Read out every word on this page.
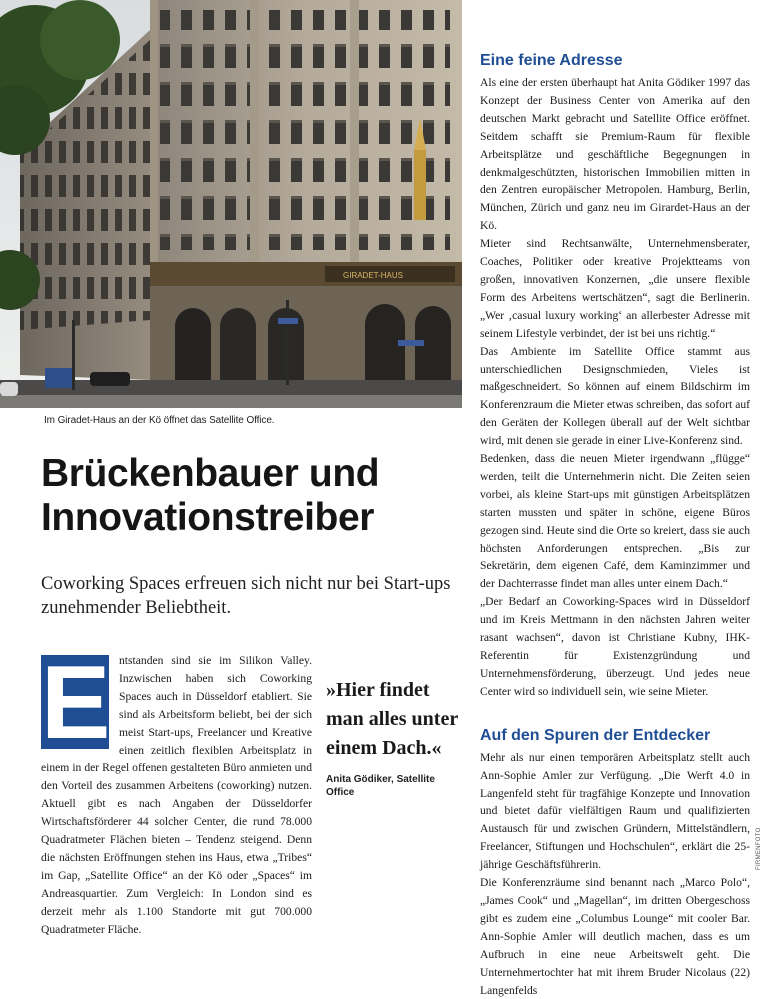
GIRADET-HAUS
Im Giradet-Haus an der Kö öffnet das Satellite Office.
Brückenbauer und
Innovationstreiber

Coworking Spaces erfreuen sich nicht nur bei Start-ups zunehmender Beliebtheit.

E ntstanden sind sie im Silikon Valley. Inzwischen haben sich Coworking Spaces auch in Düsseldorf etabliert. Sie sind als Arbeitsform beliebt, bei der sich meist Start-ups, Freelancer und Kreative einen zeitlich flexiblen Arbeitsplatz in einem in der Regel offenen gestalteten Büro anmieten und den Vorteil des zusammen Arbeitens (coworking) nutzen. Aktuell gibt es nach Angaben der Düsseldorfer Wirtschaftsförderer 44 solcher Center, die rund 78.000 Quadratmeter Flächen bieten – Tendenz steigend. Denn die nächsten Eröffnungen stehen ins Haus, etwa „Tribes“ im Gap, „Satellite Office“ an der Kö oder „Spaces“ im Andreasquartier. Zum Vergleich: In London sind es derzeit mehr als 1.100 Standorte mit gut 700.000 Quadratmeter Fläche.

»Hier findet man alles unter einem Dach.«

Anita Gödiker, Satellite Office

Eine feine Adresse

Als eine der ersten überhaupt hat Anita Gödiker 1997 das Konzept der Business Center von Amerika auf den deutschen Markt gebracht und Satellite Office eröffnet. Seitdem schafft sie Premium-Raum für flexible Arbeitsplätze und geschäftliche Begegnungen in denkmalgeschützten, historischen Immobilien mitten in den Zentren europäischer Metropolen. Hamburg, Berlin, München, Zürich und ganz neu im Girardet-Haus an der Kö.

Mieter sind Rechtsanwälte, Unternehmensberater, Coaches, Politiker oder kreative Projektteams von großen, innovativen Konzernen, „die unsere flexible Form des Arbeitens wertschätzen“, sagt die Berlinerin. „Wer ‚casual luxury working‘ an allerbester Adresse mit seinem Lifestyle verbindet, der ist bei uns richtig.“

Das Ambiente im Satellite Office stammt aus unterschiedlichen Designschmieden, Vieles ist maßgeschneidert. So können auf einem Bildschirm im Konferenzraum die Mieter etwas schreiben, das sofort auf den Geräten der Kollegen überall auf der Welt sichtbar wird, mit denen sie gerade in einer Live-Konferenz sind.

Bedenken, dass die neuen Mieter irgendwann „flügge“ werden, teilt die Unternehmerin nicht. Die Zeiten seien vorbei, als kleine Start-ups mit günstigen Arbeitsplätzen starten mussten und später in schöne, eigene Büros gezogen sind. Heute sind die Orte so kreiert, dass sie auch höchsten Anforderungen entsprechen. „Bis zur Sekretärin, dem eigenen Café, dem Kaminzimmer und der Dachterrasse findet man alles unter einem Dach.“

„Der Bedarf an Coworking-Spaces wird in Düsseldorf und im Kreis Mettmann in den nächsten Jahren weiter rasant wachsen“, davon ist Christiane Kubny, IHK-Referentin für Existenzgründung und Unternehmensförderung, überzeugt. Und jedes neue Center wird so individuell sein, wie seine Mieter.

Auf den Spuren der Entdecker

Mehr als nur einen temporären Arbeitsplatz stellt auch Ann-Sophie Amler zur Verfügung. „Die Werft 4.0 in Langenfeld steht für tragfähige Konzepte und Innovation und bietet dafür vielfältigen Raum und qualifizierten Austausch für und zwischen Gründern, Mittelständlern, Freelancer, Stiftungen und Hochschulen“, erklärt die 25-jährige Geschäftsführerin.

Die Konferenzräume sind benannt nach „Marco Polo“, „James Cook“ und „Magellan“, im dritten Obergeschoss gibt es zudem eine „Columbus Lounge“ mit cooler Bar. Ann-Sophie Amler will deutlich machen, dass es um Aufbruch in eine neue Arbeitswelt geht. Die Unternehmertochter hat mit ihrem Bruder Nicolaus (22) Langenfelds

FIRMENFOTO
